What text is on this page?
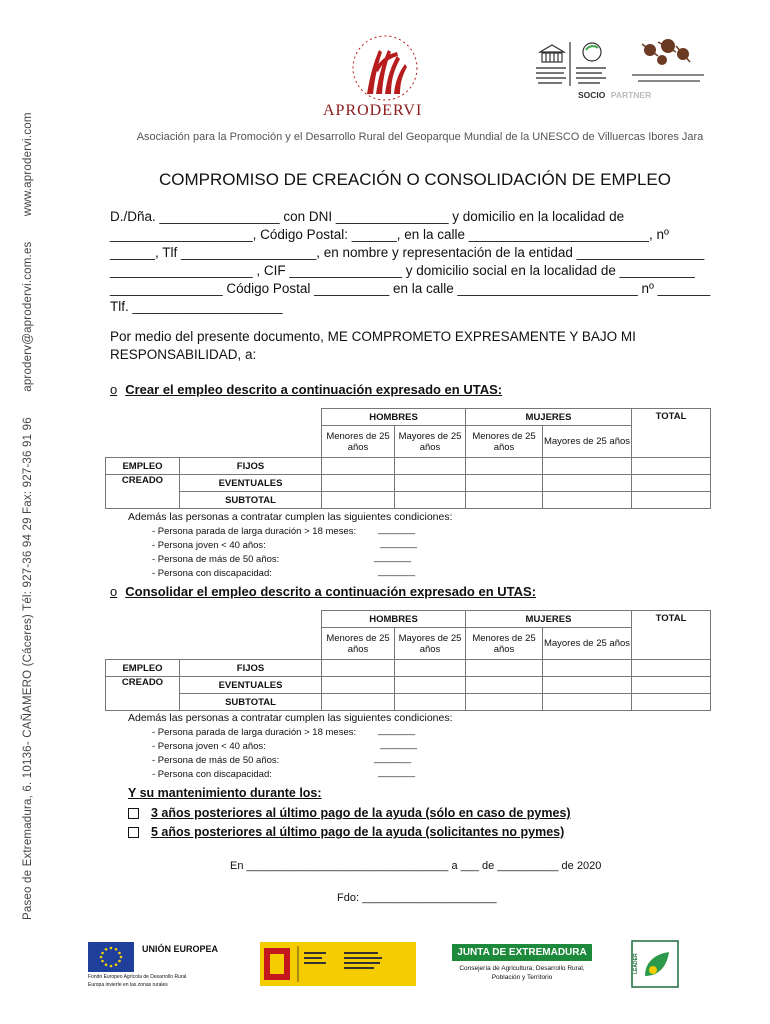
Paseo de Extremadura, 6. 10136- CAÑAMERO (Cáceres) Tél: 927-36 94 29 Fax: 927-36 91 96 aproderv@aprodervi.com.es www.aprodervi.com
APRODERVI
SOCIO PARTNER
Asociación para la Promoción y el Desarrollo Rural del Geoparque Mundial de la UNESCO de Villuercas Ibores Jara
COMPROMISO DE CREACIÓN O CONSOLIDACIÓN DE EMPLEO
D./Dña. ________________ con DNI _______________ y domicilio en la localidad de
___________________, Código Postal: ______, en la calle ________________________, nº
______, Tlf __________________, en nombre y representación de la entidad _________________
___________________ , CIF _______________ y domicilio social en la localidad de __________
_______________ Código Postal __________ en la calle ________________________ nº _______
Tlf. ____________________
Por medio del presente documento, ME COMPROMETO EXPRESAMENTE Y BAJO MI
RESPONSABILIDAD, a:
o Crear el empleo descrito a continuación expresado en UTAS:
		HOMBRES		MUJERES		TOTAL
		Menores de 25 años	Mayores de 25 años	Menores de 25 años	Mayores de 25 años	
EMPLEO	FIJOS					
CREADO	EVENTUALES					
	SUBTOTAL					
Además las personas a contratar cumplen las siguientes condiciones:
- Persona parada de larga duración > 18 meses: _______
- Persona joven < 40 años:	_______
- Persona de más de 50 años:	_______
- Persona con discapacidad:	_______
o Consolidar el empleo descrito a continuación expresado en UTAS:
		HOMBRES		MUJERES		TOTAL
		Menores de 25 años	Mayores de 25 años	Menores de 25 años	Mayores de 25 años	
EMPLEO	FIJOS					
CREADO	EVENTUALES					
	SUBTOTAL					
Además las personas a contratar cumplen las siguientes condiciones:
- Persona parada de larga duración > 18 meses: _______
- Persona joven < 40 años:	_______
- Persona de más de 50 años:	_______
- Persona con discapacidad:	_______
Y su mantenimiento durante los:
3 años posteriores al último pago de la ayuda (sólo en caso de pymes)
5 años posteriores al último pago de la ayuda (solicitantes no pymes)
En _________________________________ a ___ de __________ de 2020
Fdo: ______________________
UNIÓN EUROPEA
Fondo Europeo Agrícola de Desarrollo Rural
Europa invierte en las zonas rurales
JUNTA DE EXTREMADURA
Consejería de Agricultura, Desarrollo Rural,
Población y Territorio
LEADER
